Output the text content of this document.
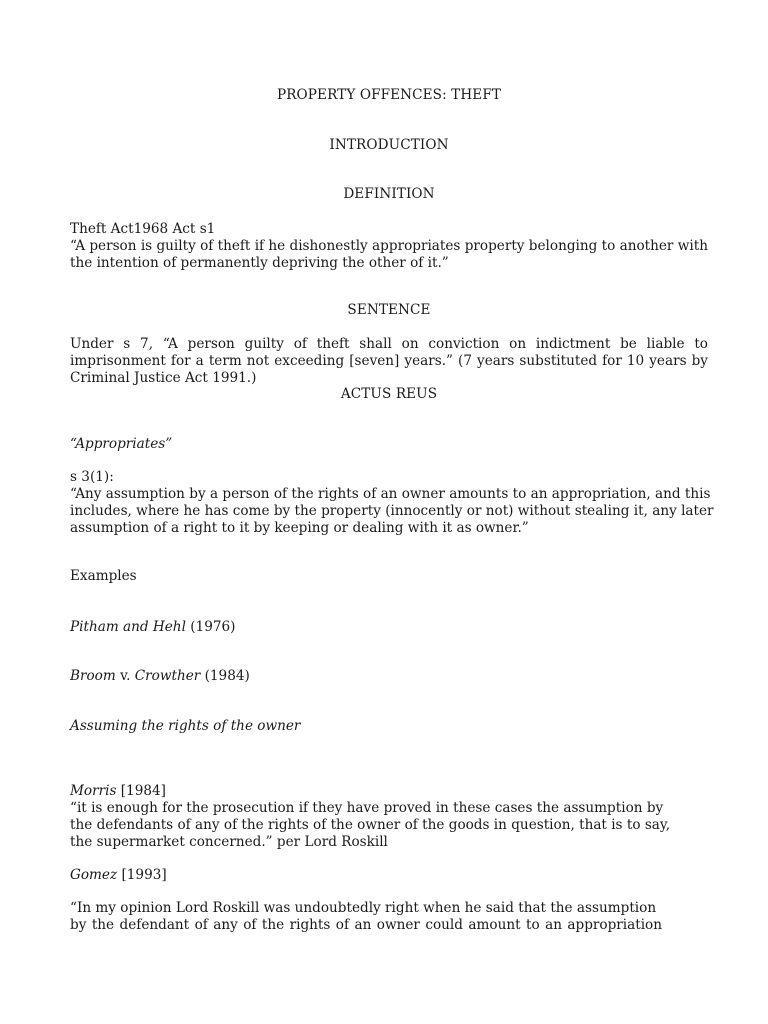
PROPERTY OFFENCES: THEFT
INTRODUCTION
DEFINITION
Theft Act1968 Act s1
“A person is guilty of theft if he dishonestly appropriates property belonging to another with
the intention of permanently depriving the other of it.”
SENTENCE
Under s 7, “A person guilty of theft shall on conviction on indictment be liable to
imprisonment for a term not exceeding [seven] years.” (7 years substituted for 10 years by
Criminal Justice Act 1991.)
ACTUS REUS
“Appropriates”
s 3(1):
“Any assumption by a person of the rights of an owner amounts to an appropriation, and this
includes, where he has come by the property (innocently or not) without stealing it, any later
assumption of a right to it by keeping or dealing with it as owner.”
Examples
Pitham and Hehl (1976)
Broom v. Crowther (1984)
Assuming the rights of the owner
Morris [1984]
“it is enough for the prosecution if they have proved in these cases the assumption by
the defendants of any of the rights of the owner of the goods in question, that is to say,
the supermarket concerned.” per Lord Roskill
Gomez [1993]
“In my opinion Lord Roskill was undoubtedly right when he said that the assumption
by the defendant of any of the rights of an owner could amount to an appropriation
